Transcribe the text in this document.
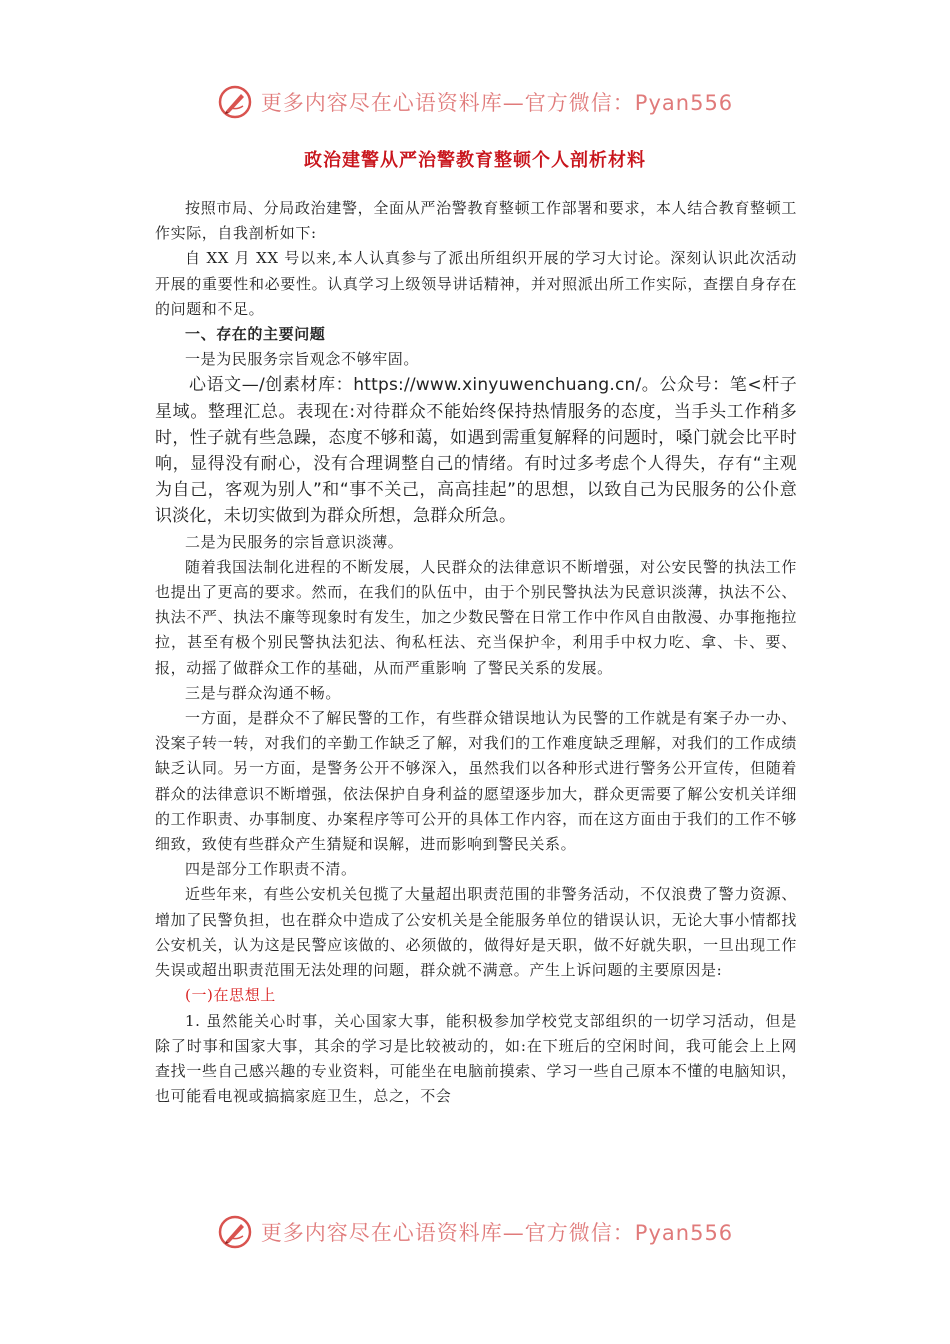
更多内容尽在心语资料库—官方微信：Pyan556
政治建警从严治警教育整顿个人剖析材料

按照市局、分局政治建警，全面从严治警教育整顿工作部署和要求，本人结合教育整顿工作实际，自我剖析如下:

自 XX 月 XX 号以来,本人认真参与了派出所组织开展的学习大讨论。深刻认识此次活动开展的重要性和必要性。认真学习上级领导讲话精神，并对照派出所工作实际，查摆自身存在的问题和不足。

一、存在的主要问题

一是为民服务宗旨观念不够牢固。

心语文—/创素材库：https://www.xinyuwenchuang.cn/。公众号：笔<杆子星域。整理汇总。表现在:对待群众不能始终保持热情服务的态度，当手头工作稍多时，性子就有些急躁，态度不够和蔼，如遇到需重复解释的问题时，嗓门就会比平时响，显得没有耐心，没有合理调整自己的情绪。有时过多考虑个人得失，存有“主观为自己，客观为别人”和“事不关己，高高挂起”的思想，以致自己为民服务的公仆意识淡化，未切实做到为群众所想，急群众所急。

二是为民服务的宗旨意识淡薄。

随着我国法制化进程的不断发展，人民群众的法律意识不断增强，对公安民警的执法工作也提出了更高的要求。然而，在我们的队伍中，由于个别民警执法为民意识淡薄，执法不公、执法不严、执法不廉等现象时有发生，加之少数民警在日常工作中作风自由散漫、办事拖拖拉拉，甚至有极个别民警执法犯法、徇私枉法、充当保护伞，利用手中权力吃、拿、卡、要、报，动摇了做群众工作的基础，从而严重影响 了警民关系的发展。

三是与群众沟通不畅。

一方面，是群众不了解民警的工作，有些群众错误地认为民警的工作就是有案子办一办、没案子转一转，对我们的辛勤工作缺乏了解，对我们的工作难度缺乏理解，对我们的工作成绩缺乏认同。另一方面，是警务公开不够深入，虽然我们以各种形式进行警务公开宣传，但随着群众的法律意识不断增强，依法保护自身利益的愿望逐步加大，群众更需要了解公安机关详细的工作职责、办事制度、办案程序等可公开的具体工作内容，而在这方面由于我们的工作不够细致，致使有些群众产生猜疑和误解，进而影响到警民关系。

四是部分工作职责不清。

近些年来，有些公安机关包揽了大量超出职责范围的非警务活动，不仅浪费了警力资源、增加了民警负担，也在群众中造成了公安机关是全能服务单位的错误认识，无论大事小情都找公安机关，认为这是民警应该做的、必须做的，做得好是天职，做不好就失职，一旦出现工作失误或超出职责范围无法处理的问题，群众就不满意。产生上诉问题的主要原因是:

(一)在思想上

1. 虽然能关心时事，关心国家大事，能积极参加学校党支部组织的一切学习活动，但是除了时事和国家大事，其余的学习是比较被动的，如:在下班后的空闲时间，我可能会上上网查找一些自己感兴趣的专业资料，可能坐在电脑前摸索、学习一些自己原本不懂的电脑知识，也可能看电视或搞搞家庭卫生，总之，不会

更多内容尽在心语资料库—官方微信：Pyan556
